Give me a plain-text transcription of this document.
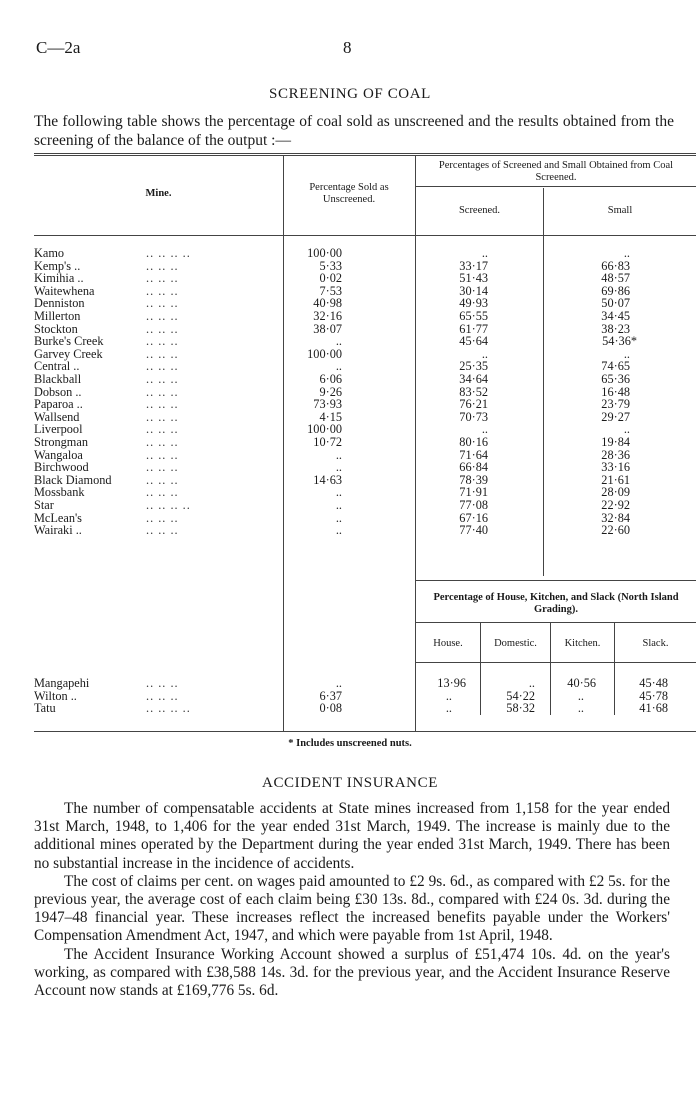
C—2a	8
SCREENING OF COAL
The following table shows the percentage of coal sold as unscreened and the results obtained from the screening of the balance of the output :—
Mine.
Percentage Sold as Unscreened.
Percentages of Screened and Small Obtained from Coal Screened.
Screened.	Small
Kamo	.. .. .. ..	100·00	..	..
Kemp's ..	.. .. ..	5·33	33·17	66·83
Kimihia ..	.. .. ..	0·02	51·43	48·57
Waitewhena	.. .. ..	7·53	30·14	69·86
Denniston	.. .. ..	40·98	49·93	50·07
Millerton	.. .. ..	32·16	65·55	34·45
Stockton	.. .. ..	38·07	61·77	38·23
Burke's Creek	.. .. ..	..	45·64	54·36*
Garvey Creek	.. .. ..	100·00	..	..
Central ..	.. .. ..	..	25·35	74·65
Blackball	.. .. ..	6·06	34·64	65·36
Dobson ..	.. .. ..	9·26	83·52	16·48
Paparoa ..	.. .. ..	73·93	76·21	23·79
Wallsend	.. .. ..	4·15	70·73	29·27
Liverpool	.. .. ..	100·00	..	..
Strongman	.. .. ..	10·72	80·16	19·84
Wangaloa	.. .. ..	..	71·64	28·36
Birchwood	.. .. ..	..	66·84	33·16
Black Diamond	.. .. ..	14·63	78·39	21·61
Mossbank	.. .. ..	..	71·91	28·09
Star	.. .. .. ..	..	77·08	22·92
McLean's	.. .. ..	..	67·16	32·84
Wairaki ..	.. .. ..	..	77·40	22·60
Percentage of House, Kitchen, and Slack (North Island Grading).
House.	Domestic.	Kitchen.	Slack.
Mangapehi	.. .. ..	..	13·96	..	40·56	45·48
Wilton ..	.. .. ..	6·37	..	54·22	..	45·78
Tatu	.. .. .. ..	0·08	..	58·32	..	41·68
* Includes unscreened nuts.
ACCIDENT INSURANCE

The number of compensatable accidents at State mines increased from 1,158 for the year ended 31st March, 1948, to 1,406 for the year ended 31st March, 1949. The increase is mainly due to the additional mines operated by the Department during the year ended 31st March, 1949. There has been no substantial increase in the incidence of accidents.

The cost of claims per cent. on wages paid amounted to £2 9s. 6d., as compared with £2 5s. for the previous year, the average cost of each claim being £30 13s. 8d., compared with £24 0s. 3d. during the 1947–48 financial year. These increases reflect the increased benefits payable under the Workers' Compensation Amendment Act, 1947, and which were payable from 1st April, 1948.

The Accident Insurance Working Account showed a surplus of £51,474 10s. 4d. on the year's working, as compared with £38,588 14s. 3d. for the previous year, and the Accident Insurance Reserve Account now stands at £169,776 5s. 6d.
